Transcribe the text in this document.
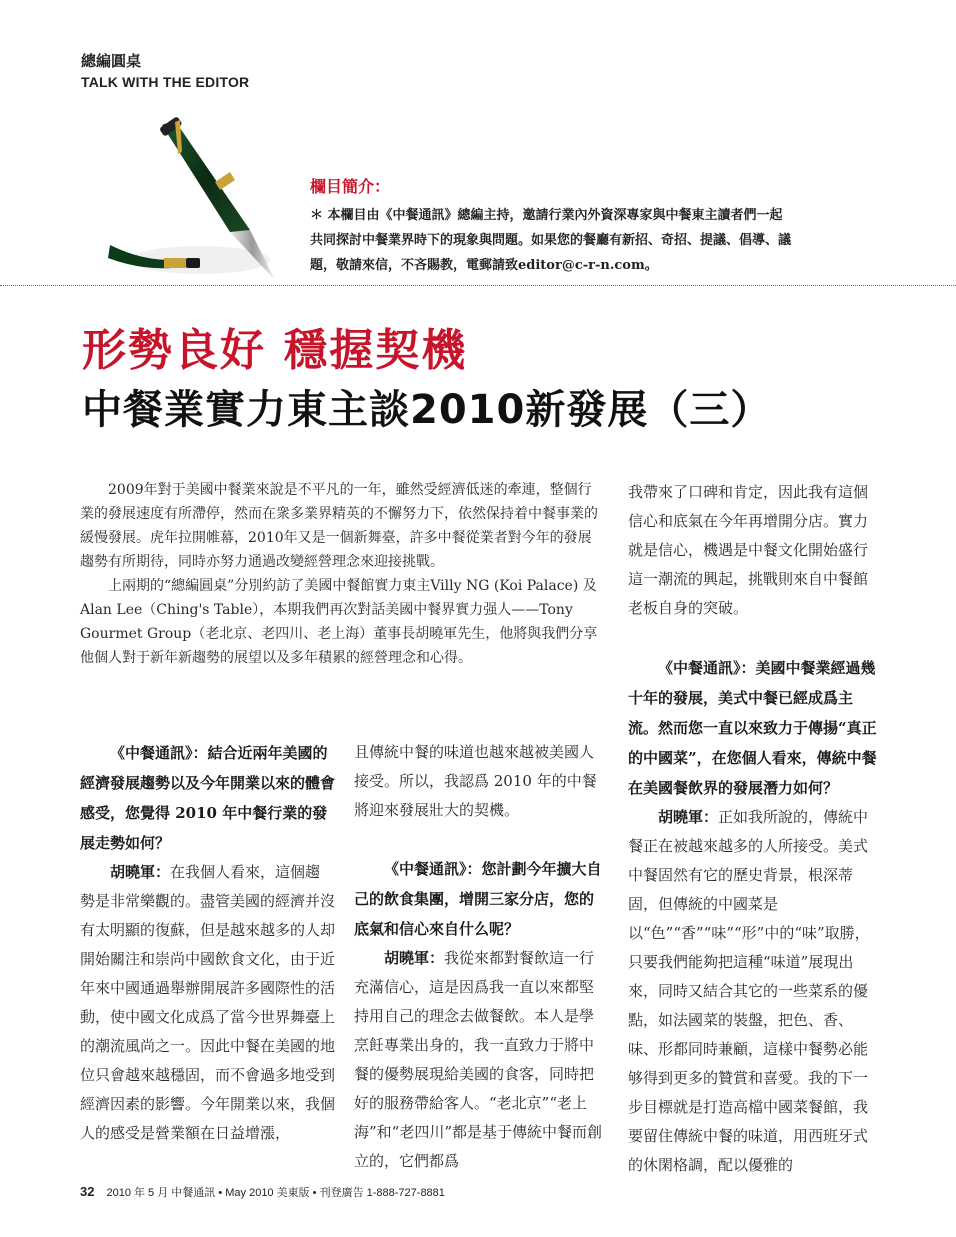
總編圓桌
TALK WITH THE EDITOR
欄目簡介：
＊ 本欄目由《中餐通訊》總編主持，邀請行業內外資深專家與中餐東主讀者們一起
共同探討中餐業界時下的現象與問題。如果您的餐廳有新招、奇招、提議、倡導、議
題，敬請來信，不吝賜教，電郵請致editor@c-r-n.com。
形勢良好 穩握契機
中餐業實力東主談2010新發展（三）

2009年對于美國中餐業來說是不平凡的一年，雖然受經濟低迷的牽連，整個行業的發展速度有所滯停，然而在衆多業界精英的不懈努力下，依然保持着中餐事業的緩慢發展。虎年拉開帷幕，2010年又是一個新舞臺，許多中餐從業者對今年的發展趨勢有所期待，同時亦努力通過改變經營理念來迎接挑戰。

上兩期的“總編圓桌”分別約訪了美國中餐館實力東主Villy NG (Koi Palace) 及Alan Lee（Ching's Table），本期我們再次對話美國中餐界實力强人——Tony Gourmet Group（老北京、老四川、老上海）董事長胡曉軍先生，他將與我們分享他個人對于新年新趨勢的展望以及多年積累的經營理念和心得。

《中餐通訊》：結合近兩年美國的經濟發展趨勢以及今年開業以來的體會感受，您覺得 2010 年中餐行業的發展走勢如何？

胡曉軍：在我個人看來，這個趨勢是非常樂觀的。盡管美國的經濟并沒有太明顯的復蘇，但是越來越多的人却開始關注和崇尚中國飲食文化，由于近年來中國通過舉辦開展許多國際性的活動，使中國文化成爲了當今世界舞臺上的潮流風尚之一。因此中餐在美國的地位只會越來越穩固，而不會過多地受到經濟因素的影響。今年開業以來，我個人的感受是營業額在日益增漲，

且傳統中餐的味道也越來越被美國人接受。所以，我認爲 2010 年的中餐將迎來發展壯大的契機。

《中餐通訊》：您計劃今年擴大自己的飲食集團，增開三家分店，您的底氣和信心來自什么呢？

胡曉軍：我從來都對餐飲這一行充滿信心，這是因爲我一直以來都堅持用自己的理念去做餐飲。本人是學烹飪專業出身的，我一直致力于將中餐的優勢展現給美國的食客，同時把好的服務帶給客人。“老北京”“老上海”和“老四川”都是基于傳統中餐而創立的，它們都爲

我帶來了口碑和肯定，因此我有這個信心和底氣在今年再增開分店。實力就是信心，機遇是中餐文化開始盛行這一潮流的興起，挑戰則來自中餐館老板自身的突破。

《中餐通訊》：美國中餐業經過幾十年的發展，美式中餐已經成爲主流。然而您一直以來致力于傳揚“真正的中國菜”，在您個人看來，傳統中餐在美國餐飲界的發展潛力如何？

胡曉軍：正如我所說的，傳統中餐正在被越來越多的人所接受。美式中餐固然有它的歷史背景，根深蒂固，但傳統的中國菜是以“色”“香”“味”“形”中的“味”取勝，只要我們能夠把這種“味道”展現出來，同時又結合其它的一些菜系的優點，如法國菜的裝盤，把色、香、味、形都同時兼顧，這樣中餐勢必能够得到更多的贊賞和喜愛。我的下一步目標就是打造高檔中國菜餐館，我要留住傳統中餐的味道，用西班牙式的休閑格調，配以優雅的

32 2010 年 5 月 中餐通訊 • May 2010 美東版 • 刊登廣告 1-888-727-8881
